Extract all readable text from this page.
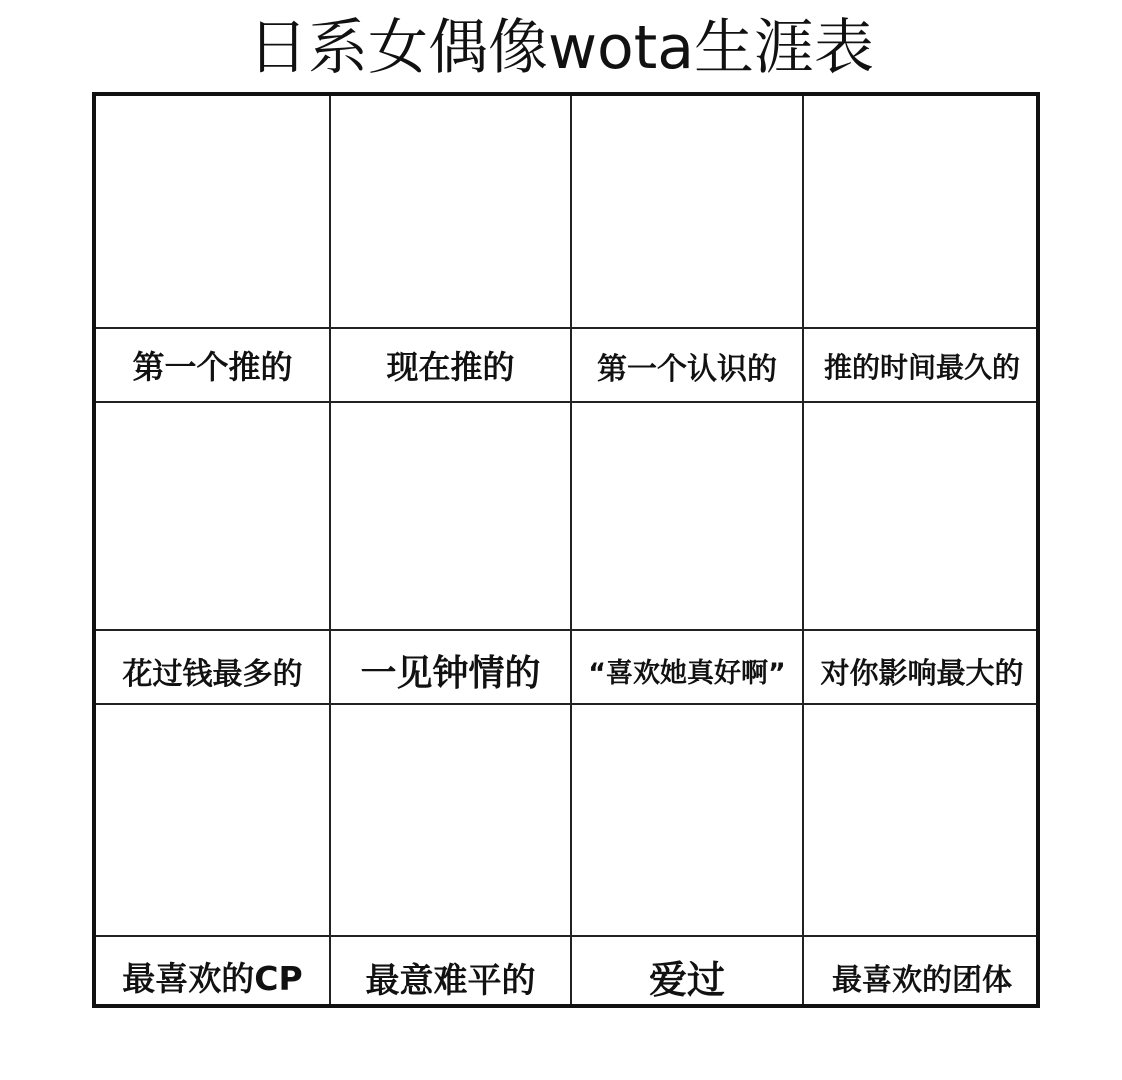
日系女偶像wota生涯表
第一个推的	现在推的	第一个认识的	推的时间最久的
花过钱最多的	一见钟情的	“喜欢她真好啊”	对你影响最大的
最喜欢的CP	最意难平的	爱过	最喜欢的团体
